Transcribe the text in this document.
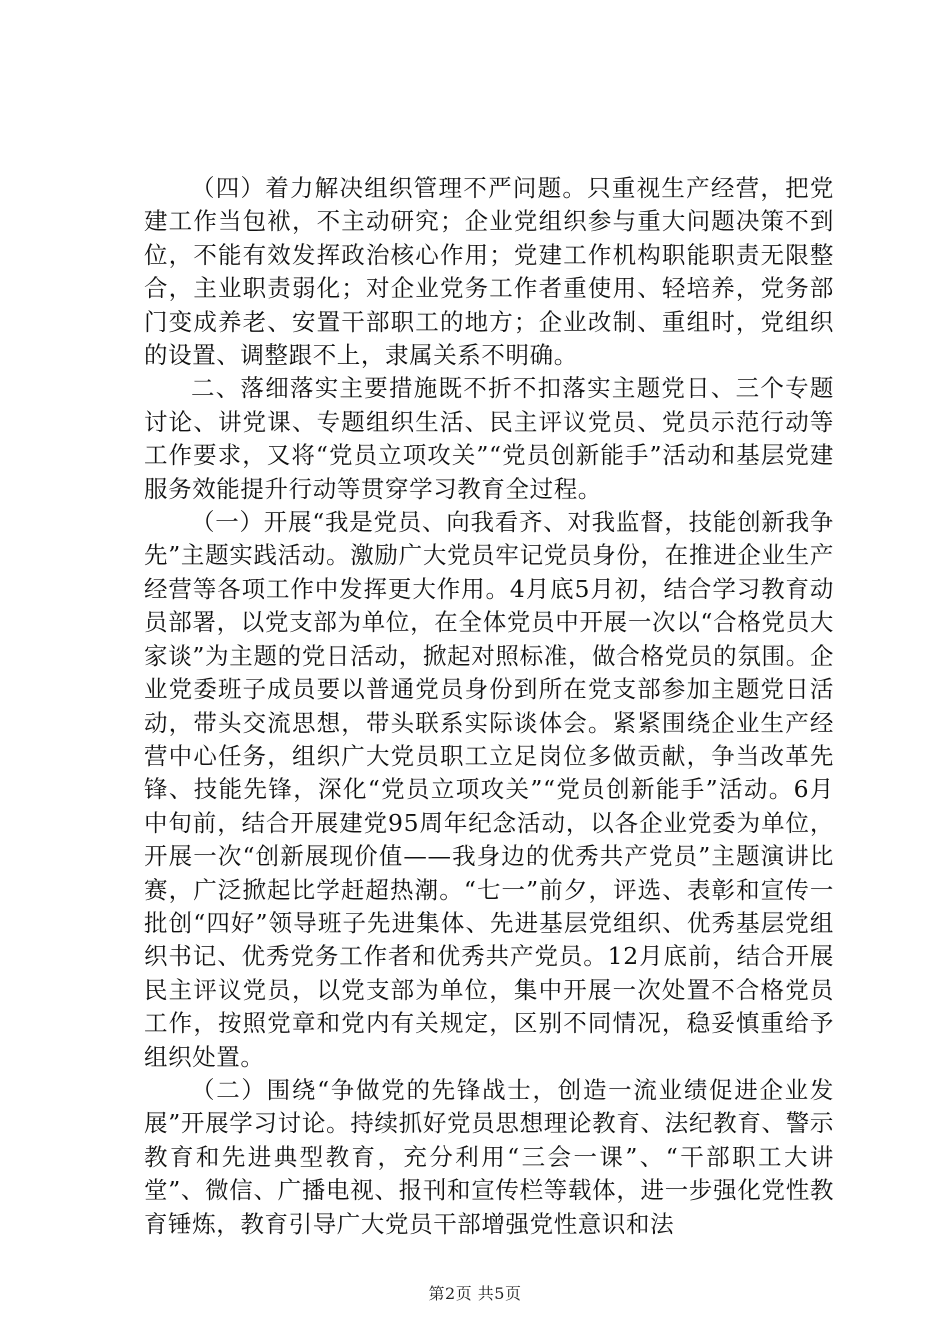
（四）着力解决组织管理不严问题。只重视生产经营，把党建工作当包袱，不主动研究；企业党组织参与重大问题决策不到位，不能有效发挥政治核心作用；党建工作机构职能职责无限整合，主业职责弱化；对企业党务工作者重使用、轻培养，党务部门变成养老、安置干部职工的地方；企业改制、重组时，党组织的设置、调整跟不上，隶属关系不明确。

二、落细落实主要措施既不折不扣落实主题党日、三个专题讨论、讲党课、专题组织生活、民主评议党员、党员示范行动等工作要求，又将“党员立项攻关”“党员创新能手”活动和基层党建服务效能提升行动等贯穿学习教育全过程。

（一）开展“我是党员、向我看齐、对我监督，技能创新我争先”主题实践活动。激励广大党员牢记党员身份，在推进企业生产经营等各项工作中发挥更大作用。4月底5月初，结合学习教育动员部署，以党支部为单位，在全体党员中开展一次以“合格党员大家谈”为主题的党日活动，掀起对照标准，做合格党员的氛围。企业党委班子成员要以普通党员身份到所在党支部参加主题党日活动，带头交流思想，带头联系实际谈体会。紧紧围绕企业生产经营中心任务，组织广大党员职工立足岗位多做贡献，争当改革先锋、技能先锋，深化“党员立项攻关”“党员创新能手”活动。6月中旬前，结合开展建党95周年纪念活动，以各企业党委为单位，开展一次“创新展现价值——我身边的优秀共产党员”主题演讲比赛，广泛掀起比学赶超热潮。“七一”前夕，评选、表彰和宣传一批创“四好”领导班子先进集体、先进基层党组织、优秀基层党组织书记、优秀党务工作者和优秀共产党员。12月底前，结合开展民主评议党员，以党支部为单位，集中开展一次处置不合格党员工作，按照党章和党内有关规定，区别不同情况，稳妥慎重给予组织处置。

（二）围绕“争做党的先锋战士，创造一流业绩促进企业发展”开展学习讨论。持续抓好党员思想理论教育、法纪教育、警示教育和先进典型教育，充分利用“三会一课”、“干部职工大讲堂”、微信、广播电视、报刊和宣传栏等载体，进一步强化党性教育锤炼，教育引导广大党员干部增强党性意识和法

第2页 共5页
